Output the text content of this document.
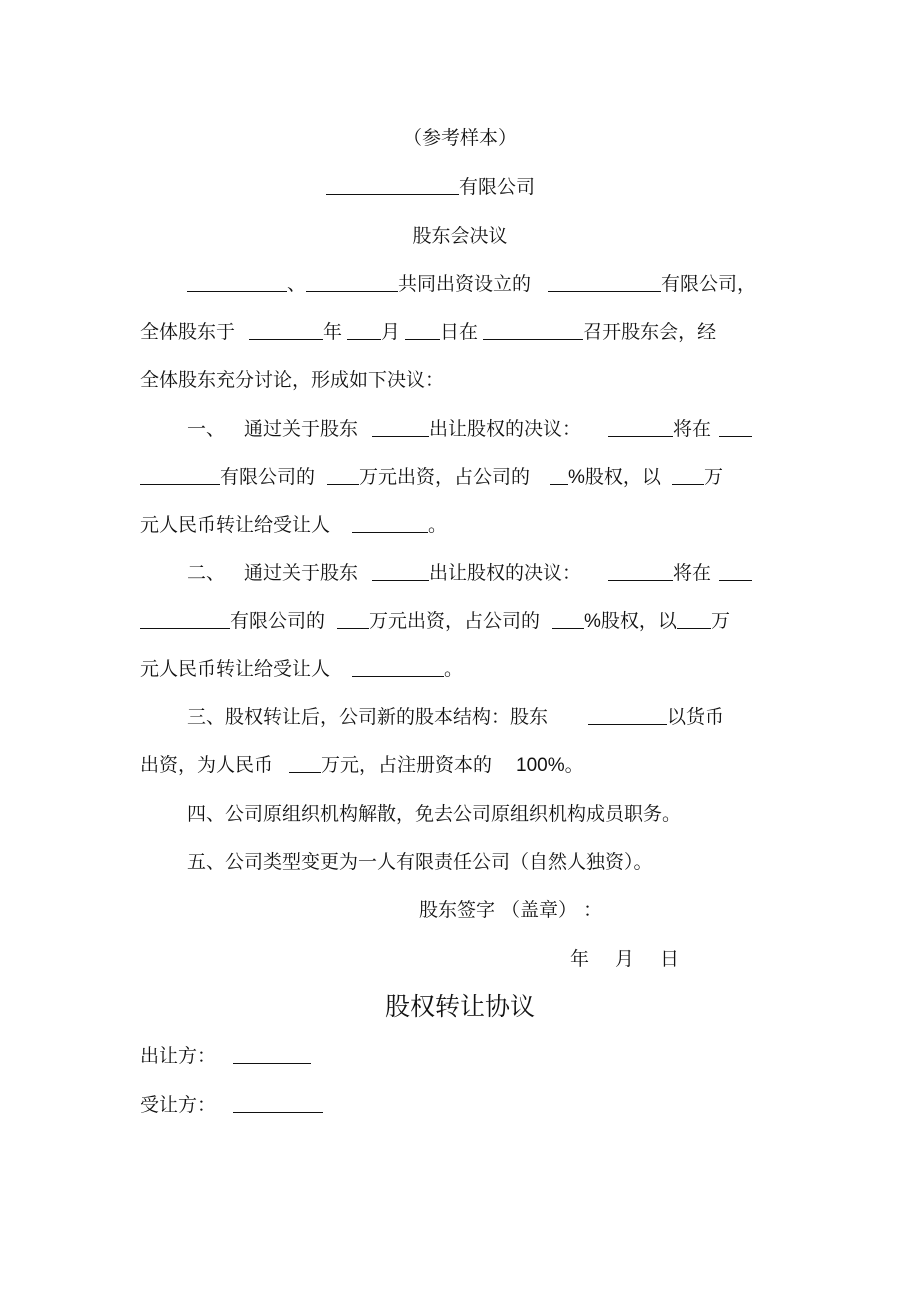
（参考样本）
有限公司
股东会决议
、	共同出资设立的	有限公司，
全体股东于	年 月 日在	召开股东会，经
全体股东充分讨论，形成如下决议：
一、 通过关于股东	出让股权的决议：	将在
有限公司的 万元出资，占公司的 %股权，以 万
元人民币转让给受让人	。
二、 通过关于股东	出让股权的决议：	将在
有限公司的 万元出资，占公司的 %股权，以 万
元人民币转让给受让人	。
三、股权转让后，公司新的股本结构：股东	以货币
出资，为人民币	万元，占注册资本的 100%。
四、公司原组织机构解散，免去公司原组织机构成员职务。
五、公司类型变更为一人有限责任公司（自然人独资）。
股东签字 （盖章） ：
年 月 日
股权转让协议
出让方：
受让方：
